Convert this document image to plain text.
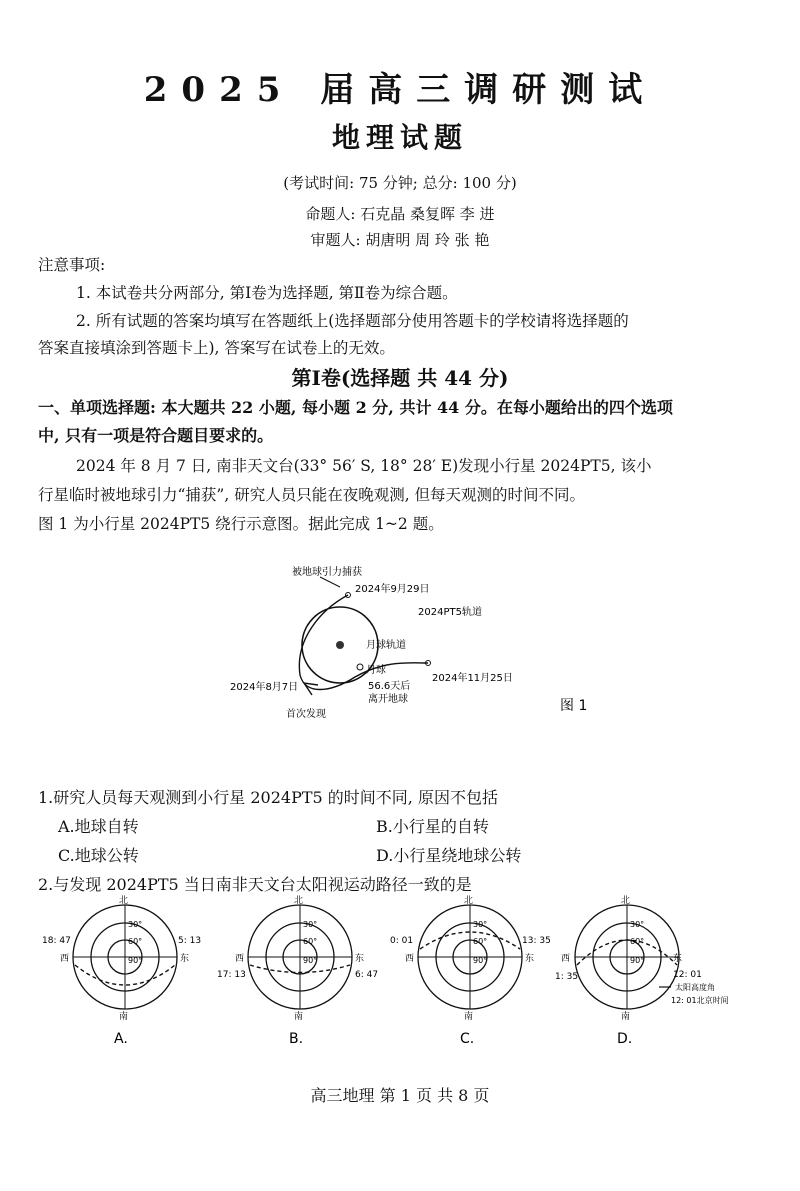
2025 届高三调研测试
地理试题
(考试时间: 75 分钟; 总分: 100 分)
命题人: 石克晶 桑复晖 李 进
审题人: 胡唐明 周 玲 张 艳
注意事项:
1. 本试卷共分两部分, 第Ⅰ卷为选择题, 第Ⅱ卷为综合题。
2. 所有试题的答案均填写在答题纸上(选择题部分使用答题卡的学校请将选择题的
答案直接填涂到答题卡上), 答案写在试卷上的无效。
第Ⅰ卷(选择题 共 44 分)
一、单项选择题: 本大题共 22 小题, 每小题 2 分, 共计 44 分。在每小题给出的四个选项
中, 只有一项是符合题目要求的。
2024 年 8 月 7 日, 南非天文台(33° 56′ S, 18° 28′ E)发现小行星 2024PT5, 该小
行星临时被地球引力“捕获”, 研究人员只能在夜晚观测, 但每天观测的时间不同。
图 1 为小行星 2024PT5 绕行示意图。据此完成 1~2 题。
被地球引力捕获
2024年9月29日
2024PT5轨道
月球轨道
月球
2024年11月25日
56.6天后
离开地球
2024年8月7日
首次发现
图 1
1.研究人员每天观测到小行星 2024PT5 的时间不同, 原因不包括
A.地球自转	B.小行星的自转
C.地球公转	D.小行星绕地球公转
2.与发现 2024PT5 当日南非天文台太阳视运动路径一致的是
北
南
东
西
30°
60°
90°
18: 47	5: 13
A.
北
南
东
西
30°
60°
90°
17: 13	6: 47
B.
北
南
东
西
30°
60°
90°
0: 01	13: 35
C.
北
南
东
西
30°
60°
90°
1: 35	12: 01
太阳高度角
12: 01北京时间
D.
高三地理 第 1 页 共 8 页
